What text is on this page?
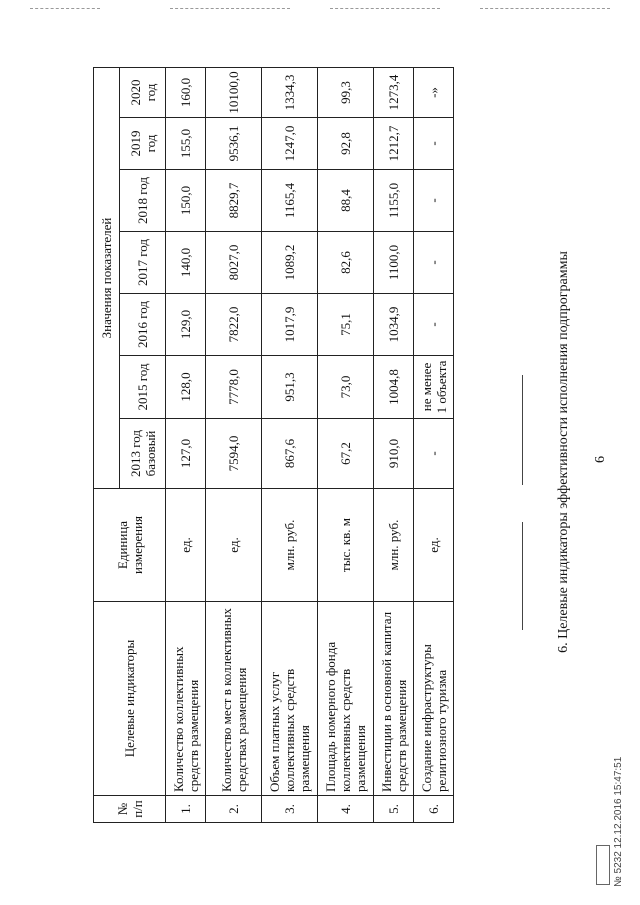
6
6. Целевые индикаторы эффективности исполнения подпрограммы
№ п/п	Целевые индикаторы	Единица измерения	Значения показателей						
			2013 год базовый	2015 год	2016 год	2017 год	2018 год	2019 год	2020 год
1.	Количество коллективных средств размещения	ед.	127,0	128,0	129,0	140,0	150,0	155,0	160,0
2.	Количество мест в коллективных средствах размещения	ед.	7594,0	7778,0	7822,0	8027,0	8829,7	9536,1	10100,0
3.	Объем платных услуг коллективных средств размещения	млн. руб.	867,6	951,3	1017,9	1089,2	1165,4	1247,0	1334,3
4.	Площадь номерного фонда коллективных средств размещения	тыс. кв. м	67,2	73,0	75,1	82,6	88,4	92,8	99,3
5.	Инвестиции в основной капитал средств размещения	млн. руб.	910,0	1004,8	1034,9	1100,0	1155,0	1212,7	1273,4
6.	Создание инфраструктуры религиозного туризма	ед.	-	не менее 1 объекта	-	-	-	-	-»
№ 5232 12.12.2016 15:47:51
